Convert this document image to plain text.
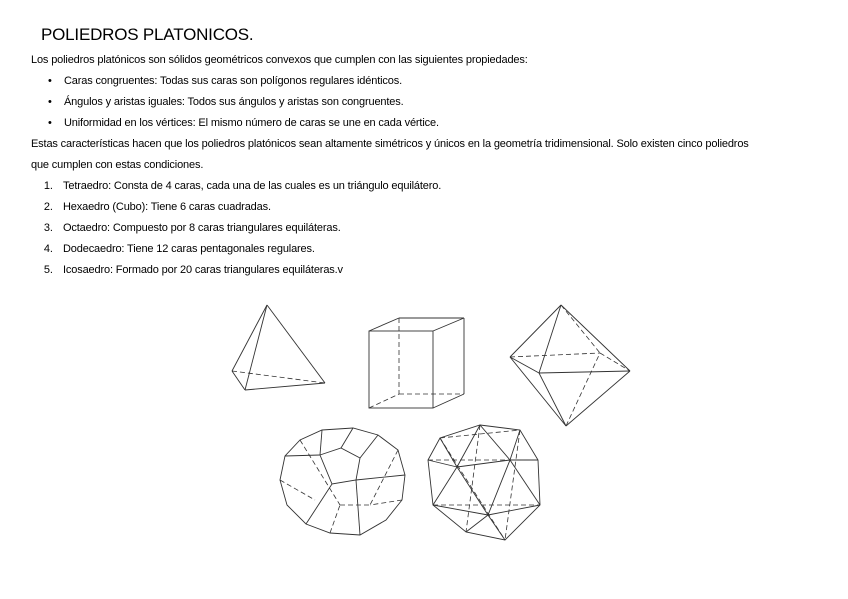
POLIEDROS PLATONICOS.
Los poliedros platónicos son sólidos geométricos convexos que cumplen con las siguientes propiedades:
• Caras congruentes: Todas sus caras son polígonos regulares idénticos.
• Ángulos y aristas iguales: Todos sus ángulos y aristas son congruentes.
• Uniformidad en los vértices: El mismo número de caras se une en cada vértice.
Estas características hacen que los poliedros platónicos sean altamente simétricos y únicos en la geometría tridimensional. Solo existen cinco poliedros
que cumplen con estas condiciones.
1. Tetraedro: Consta de 4 caras, cada una de las cuales es un triángulo equilátero.
2. Hexaedro (Cubo): Tiene 6 caras cuadradas.
3. Octaedro: Compuesto por 8 caras triangulares equiláteras.
4. Dodecaedro: Tiene 12 caras pentagonales regulares.
5. Icosaedro: Formado por 20 caras triangulares equiláteras.v
